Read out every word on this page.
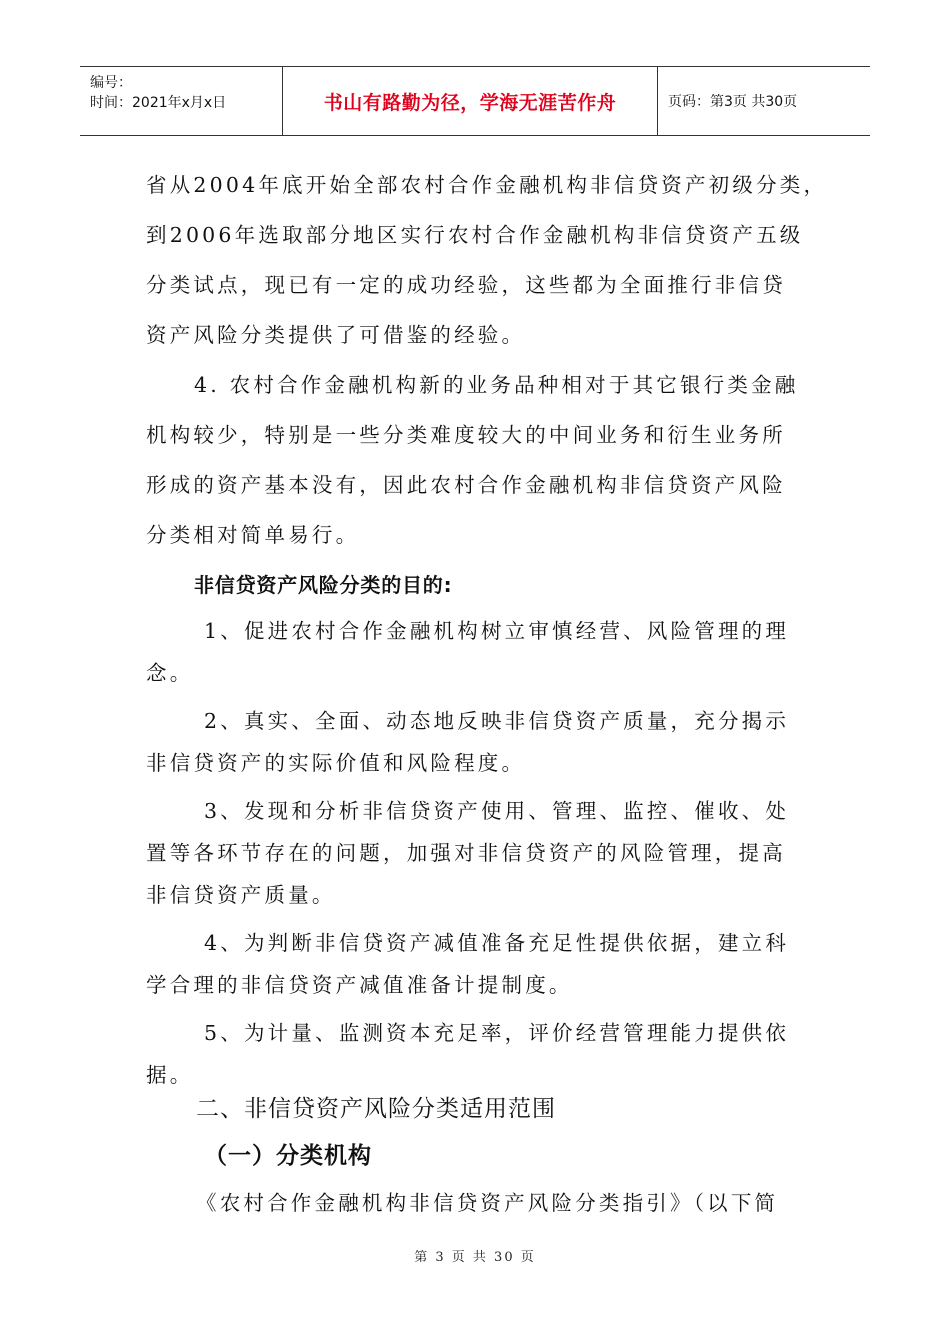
编号：
时间：2021年x月x日	书山有路勤为径，学海无涯苦作舟	页码：第3页 共30页
省从2004年底开始全部农村合作金融机构非信贷资产初级分类，
到2006年选取部分地区实行农村合作金融机构非信贷资产五级
分类试点，现已有一定的成功经验，这些都为全面推行非信贷
资产风险分类提供了可借鉴的经验。
4. 农村合作金融机构新的业务品种相对于其它银行类金融
机构较少，特别是一些分类难度较大的中间业务和衍生业务所
形成的资产基本没有，因此农村合作金融机构非信贷资产风险
分类相对简单易行。
非信贷资产风险分类的目的:
1、促进农村合作金融机构树立审慎经营、风险管理的理
念。
2、真实、全面、动态地反映非信贷资产质量，充分揭示
非信贷资产的实际价值和风险程度。
3、发现和分析非信贷资产使用、管理、监控、催收、处
置等各环节存在的问题，加强对非信贷资产的风险管理，提高
非信贷资产质量。
4、为判断非信贷资产减值准备充足性提供依据，建立科
学合理的非信贷资产减值准备计提制度。
5、为计量、监测资本充足率，评价经营管理能力提供依
据。
二、非信贷资产风险分类适用范围
（一）分类机构
《农村合作金融机构非信贷资产风险分类指引》（以下简
第 3 页 共 30 页
